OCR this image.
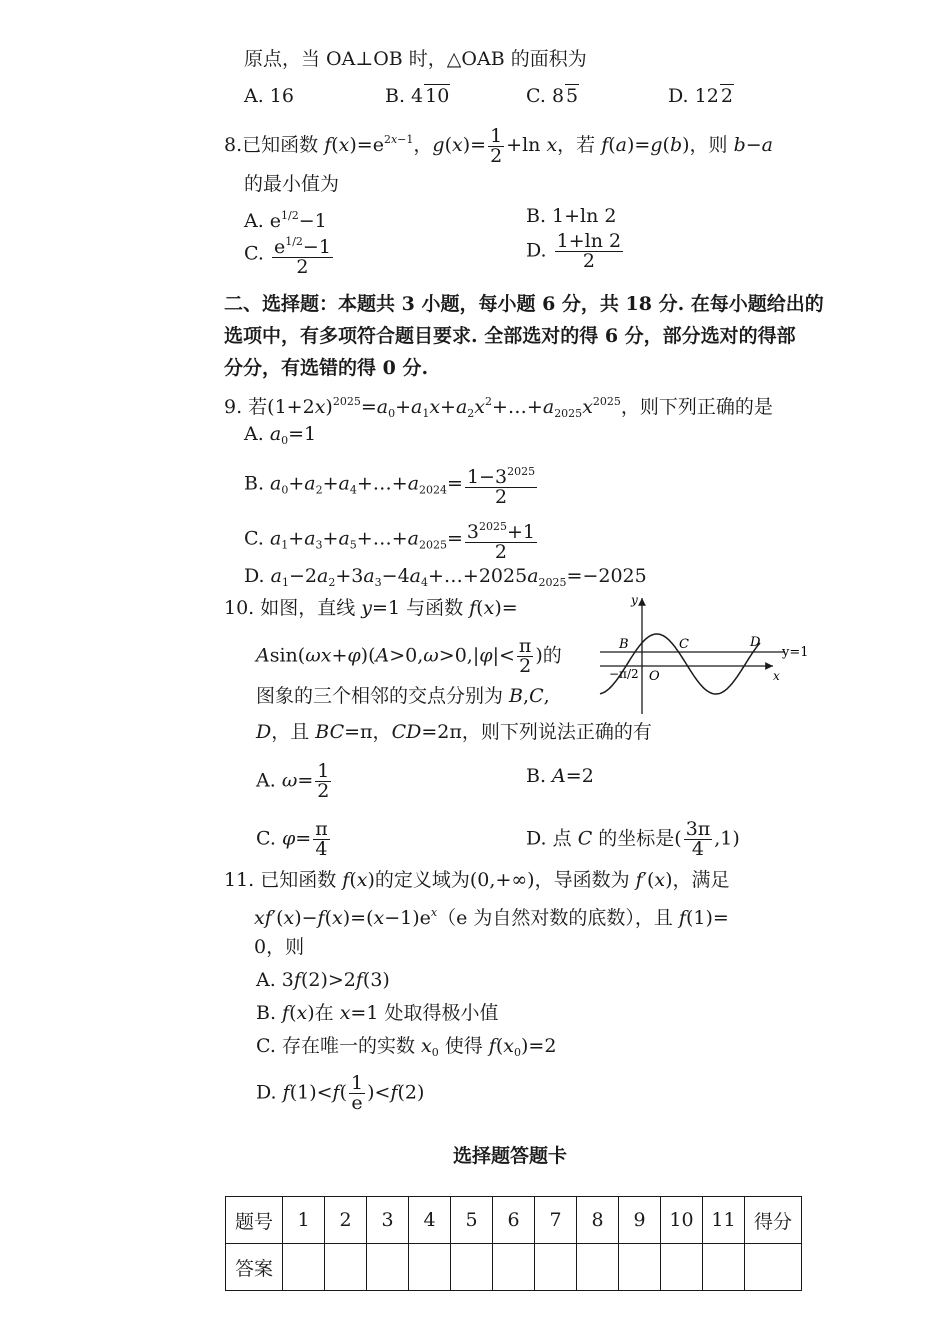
原点，当 OA⊥OB 时，△OAB 的面积为
A. 16	B. 4 10	C. 8 5	D. 12 2
8.已知函数 $f(x)=e^{2x-1}$，$g(x)= \frac{1}{2} +\ln$ x，若 f(a)=g(b)，则 b−a
的最小值为
A. $e^{1/2}-1$	B. 1+ln 2
C. $\frac{e^{1/2}-1}{2}$	D. $\frac{1+\ln 2}{2}$
二、选择题：本题共 3 小题，每小题 6 分，共 18 分. 在每小题给出的
选项中，有多项符合题目要求. 全部选对的得 6 分，部分选对的得部
分分，有选错的得 0 分.
9. 若$(1+2x)^{2025}=a_0+a_1x+a_2x^2+\dots+a_{2025}x^{2025}$，则下列正确的是
A. $a_0=1$
B. $a_0+a_2+a_4+\dots+a_{2024}= \frac{1-3^{2025}}{2}$
C. $a_1+a_3+a_5+\dots+a_{2025}= \frac{3^{2025}+1}{2}$
D. $a_1-2a_2+3a_3-4a_4+\dots+2025a_{2025}=-2025$
10. 如图，直线 y=1 与函数 f(x)=
$Asin(\omega x+\varphi)(A>0,\omega>0,|\varphi|< \frac{\pi}{2}$ )的
图象的三个相邻的交点分别为 B,C,
D，且 BC=π，CD=2π，则下列说法正确的有
A. $\omega= \frac{1}{2}$	B. A=2
C. $\varphi= \frac{\pi}{4}$	D. 点 C 的坐标是( $\frac{3\pi}{4} ,1$)
y
x
O
B	C	D
y=1
−π/2
11. 已知函数 f(x)的定义域为(0,+∞)，导函数为 f′(x)，满足
$xf'(x)-f(x)=(x-1)e^x(e$ 为自然对数的底数），且 f(1)=
0，则
A. 3f(2)>2f(3)
B. f(x)在 x=1 处取得极小值
C. 存在唯一的实数 $x_0$ 使得 $f(x_0)=2$
D. $f(1)<f( \frac{1}{e} )<f(2)$
选择题答题卡
题号	1	2	3	4	5	6	7	8	9	10	11	得分
答案												
